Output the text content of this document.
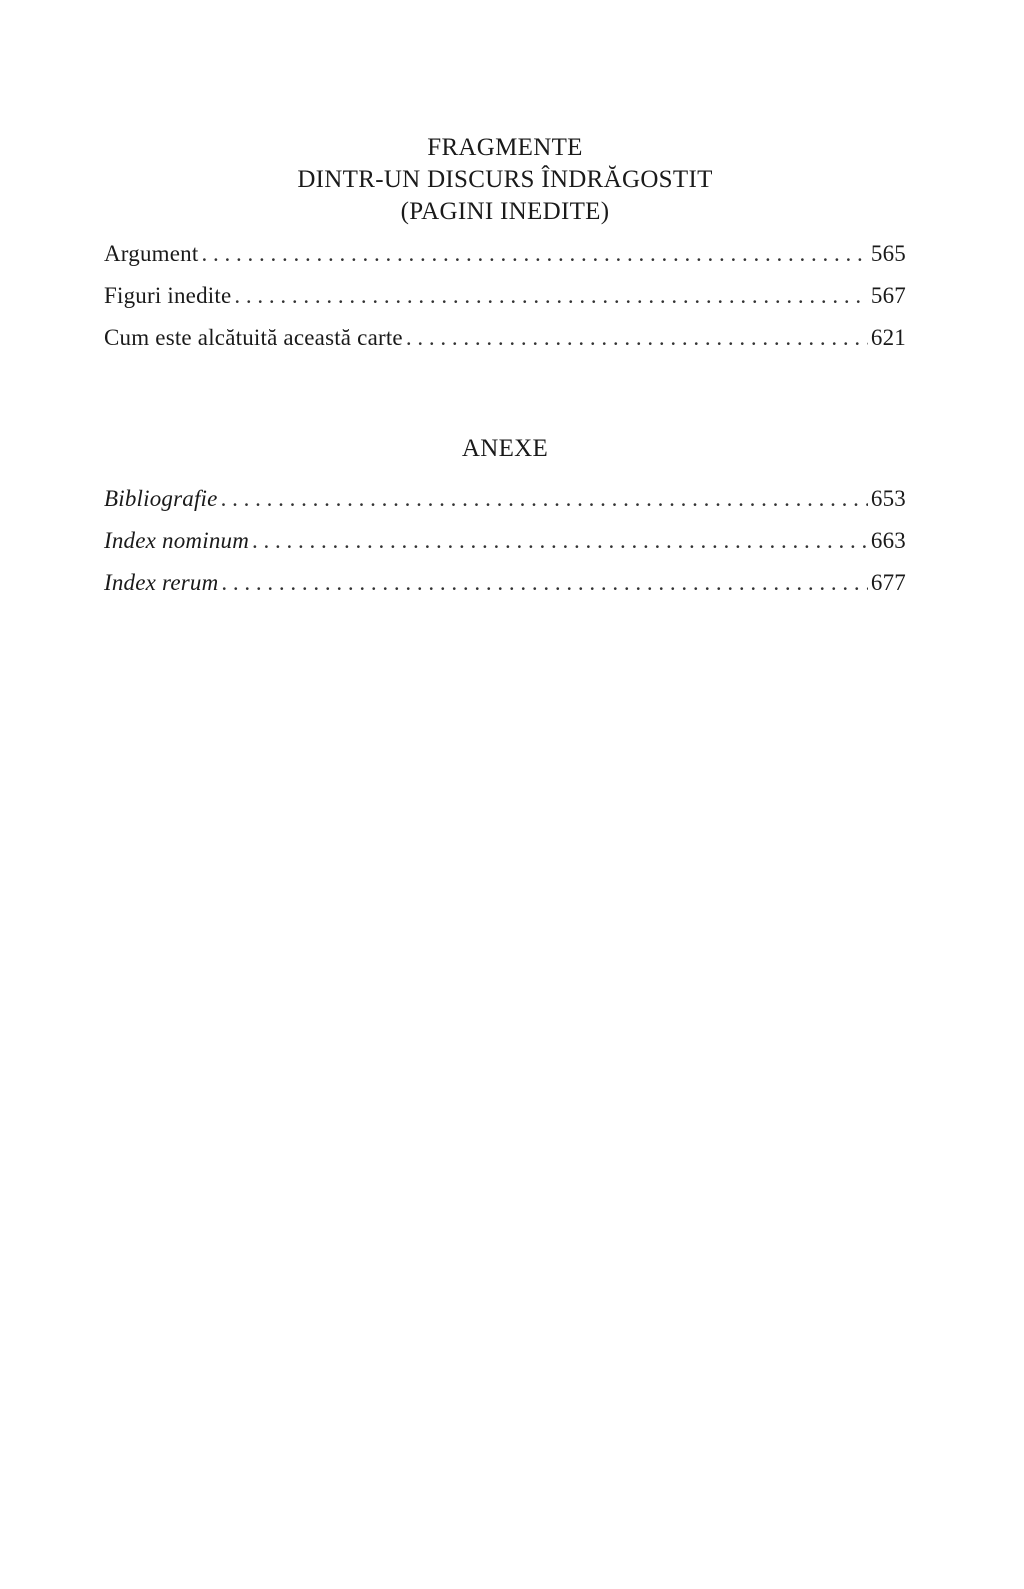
FRAGMENTE
DINTR-UN DISCURS ÎNDRĂGOSTIT
(PAGINI INEDITE)
Argument . . .	565
Figuri inedite . . .	567
Cum este alcătuită această carte . . .	621
ANEXE
Bibliografie . . .	653
Index nominum . . .	663
Index rerum . . .	677
